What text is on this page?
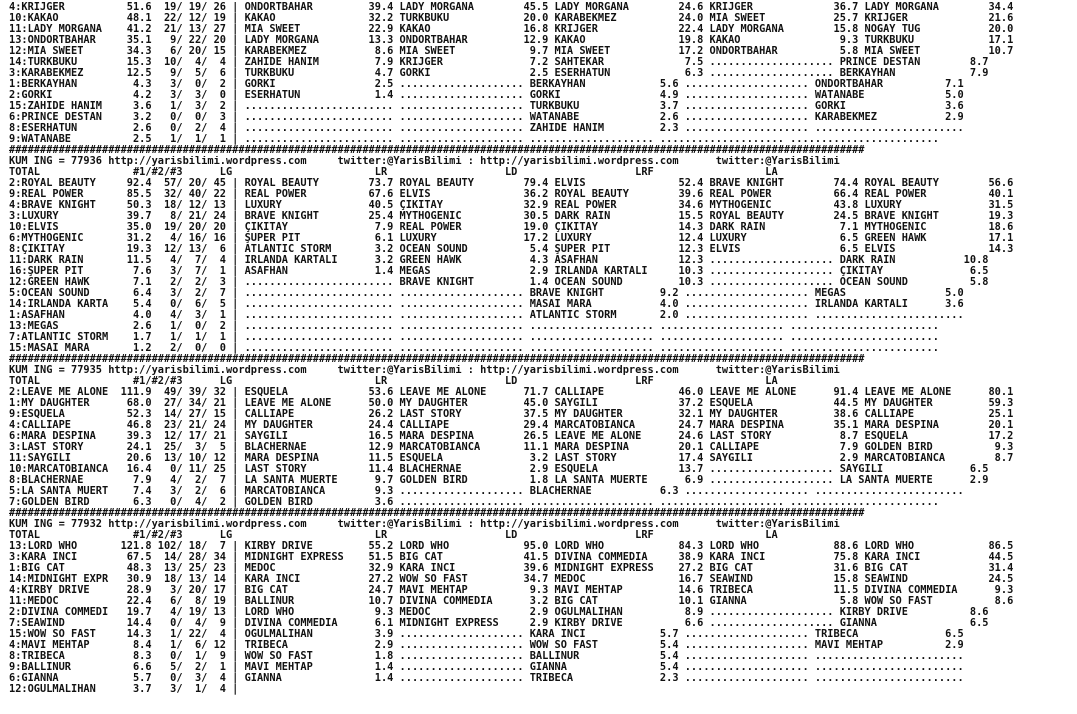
4:KRIJGER          51.6  19/ 19/ 26 | ONDÖRTBAHAR         39.4 LADY MORGANA        45.5 LADY MORGANA        24.6 KRIJGER             36.7 LADY MORGANA        34.4
10:KAKAO           48.1  22/ 12/ 19 | KAKAO               32.2 TÜRKBÜKÜ            20.0 KARABEKMEZ          24.0 MIA SWEET           25.7 KRIJGER             21.6
11:LADY MORGANA    41.2  21/ 13/ 27 | MIA SWEET           22.9 KAKAO               16.8 KRIJGER             22.4 LADY MORGANA        15.8 NOGAY TUĞ           20.0
13:ONDÖRTBAHAR     35.1   9/ 22/ 20 | LADY MORGANA        13.3 ONDÖRTBAHAR         12.9 KAKAO               19.8 KAKAO                9.3 TÜRKBÜKÜ            17.1
12:MIA SWEET       34.3   6/ 20/ 15 | KARABEKMEZ           8.6 MIA SWEET            9.7 MIA SWEET           17.2 ONDÖRTBAHAR          5.8 MIA SWEET           10.7
14:TÜRKBÜKÜ        15.3  10/  4/  4 | ZAHIDE HANIM         7.9 KRIJGER              7.2 SAHTEKAR             7.5 .................... PRINCE DESTAN        8.7
3:KARABEKMEZ       12.5   9/  5/  6 | TÜRKBÜKÜ             4.7 GÖRKİ                2.5 ESERHATUN            6.3 .................... BERKAYHAN            7.9
1:BERKAYHAN         4.3   3/  0/  2 | GÖRKİ                2.5 .................... BERKAYHAN            5.6 .................... ONDÖRTBAHAR          7.1
2:GÖRKİ             4.2   3/  3/  0 | ESERHATUN            1.4 .................... GÖRKİ                4.9 .................... WATANABE             5.0
15:ZAHIDE HANIM     3.6   1/  3/  2 | ........................ .................... TÜRKBÜKÜ             3.7 .................... GÖRKİ                3.6
6:PRINCE DESTAN     3.2   0/  0/  3 | ........................ .................... WATANABE             2.6 .................... KARABEKMEZ           2.9
8:ESERHATUN         2.6   0/  2/  4 | ........................ .................... ZAHIDE HANIM         2.3 .................... ........................
9:WATANABE          2.5   1/  1/  1 | ........................ .................... .................... .................... ........................
##########################################################################################################################################
KUM ING = 77936 http://yarisbilimi.wordpress.com     twitter:@YarisBilimi : http://yarisbilimi.wordpress.com      twitter:@YarisBilimi
TOTAL               #1/#2/#3      LG                       LR                   LD                   LRF                  LA
2:ROYAL BEAUTY     92.4  57/ 20/ 45 | ROYAL BEAUTY        73.7 ROYAL BEAUTY        79.4 ELVIS               52.4 BRAVE KNIGHT        74.4 ROYAL BEAUTY        56.6
9:REAL POWER       85.5  32/ 40/ 22 | REAL POWER          67.6 ELVIS               36.2 ROYAL BEAUTY        39.6 REAL POWER          66.4 REAL POWER          40.1
4:BRAVE KNIGHT     50.3  18/ 12/ 13 | LUXURY              40.5 ÇİKİTAY             32.9 REAL POWER          34.6 MYTHOGENIC          43.8 LUXURY              31.5
3:LUXURY           39.7   8/ 21/ 24 | BRAVE KNIGHT        25.4 MYTHOGENIC          30.5 DARK RAIN           15.5 ROYAL BEAUTY        24.5 BRAVE KNIGHT        19.3
10:ELVIS           35.0  19/ 20/ 20 | ÇİKİTAY              7.9 REAL POWER          19.0 ÇİKİTAY             14.3 DARK RAIN            7.1 MYTHOGENIC          18.6
6:MYTHOGENIC       31.2   4/ 16/ 16 | ŞUPER PIT            6.1 LUXURY              17.2 LUXURY              12.4 LUXURY               6.5 GREEN HAWK          17.1
8:ÇİKİTAY          19.3  12/ 13/  6 | ATLANTIC STORM       3.2 OCEAN SOUND          5.4 ŞUPER PIT           12.3 ELVIS                6.5 ELVIS               14.3
11:DARK RAIN       11.5   4/  7/  4 | İRLANDA KARTALI      3.2 GREEN HAWK           4.3 ASAFHAN             12.3 .................... DARK RAIN           10.8
16:ŞUPER PIT        7.6   3/  7/  1 | ASAFHAN              1.4 MEGAS                2.9 İRLANDA KARTALI     10.3 .................... ÇİKİTAY              6.5
12:GREEN HAWK       7.1   2/  2/  3 | ........................ BRAVE KNIGHT         1.4 OCEAN SOUND         10.3 .................... OCEAN SOUND          5.8
5:OCEAN SOUND       6.4   3/  2/  7 | ........................ .................... BRAVE KNIGHT         9.2 .................... MEGAS                5.0
14:İRLANDA KARTA    5.4   0/  6/  5 | ........................ .................... MASAI MARA           4.0 .................... İRLANDA KARTALI      3.6
1:ASAFHAN           4.0   4/  3/  1 | ........................ .................... ATLANTIC STORM       2.0 .................... ........................
13:MEGAS            2.6   1/  0/  2 | ........................ .................... .................... .................... ........................
7:ATLANTIC STORM    1.7   1/  1/  1 | ........................ .................... .................... .................... ........................
15:MASAI MARA       1.2   2/  0/  0 | ........................ .................... .................... .................... ........................
##########################################################################################################################################
KUM ING = 77935 http://yarisbilimi.wordpress.com     twitter:@YarisBilimi : http://yarisbilimi.wordpress.com      twitter:@YarisBilimi
TOTAL               #1/#2/#3      LG                       LR                   LD                   LRF                  LA
2:LEAVE ME ALONE  111.9  49/ 39/ 32 | ESQUELA             53.6 LEAVE ME ALONE      71.7 CALLIAPE            46.0 LEAVE ME ALONE      91.4 LEAVE ME ALONE      80.1
1:MY DAUGHTER      68.0  27/ 34/ 21 | LEAVE ME ALONE      50.0 MY DAUGHTER         45.0 SAYGILI             37.2 ESQUELA             44.5 MY DAUGHTER         59.3
9:ESQUELA          52.3  14/ 27/ 15 | CALLIAPE            26.2 LAST STORY          37.5 MY DAUGHTER         32.1 MY DAUGHTER         38.6 CALLIAPE            25.1
4:CALLIAPE         46.8  23/ 21/ 24 | MY DAUGHTER         24.4 CALLIAPE            29.4 MARCATOBIANCA       24.7 MARA DESPINA        35.1 MARA DESPINA        20.1
6:MARA DESPINA     39.3  12/ 17/ 21 | SAYGILI             16.5 MARA DESPINA        26.5 LEAVE ME ALONE      24.6 LAST STORY           8.7 ESQUELA             17.2
3:LAST STORY       24.1  25/  3/  5 | BLACHERNAE          12.9 MARCATOBIANCA       11.1 MARA DESPINA        20.1 CALLIAPE             7.9 GOLDEN BIRD          9.3
11:SAYGILI         20.6  13/ 10/ 12 | MARA DESPINA        11.5 ESQUELA              3.2 LAST STORY          17.4 SAYGILI              2.9 MARCATOBIANCA        8.7
10:MARCATOBIANCA   16.4   0/ 11/ 25 | LAST STORY          11.4 BLACHERNAE           2.9 ESQUELA             13.7 .................... SAYGILI              6.5
8:BLACHERNAE        7.9   4/  2/  7 | LA SANTA MUERTE      9.7 GOLDEN BIRD          1.8 LA SANTA MUERTE      6.9 .................... LA SANTA MUERTE      2.9
5:LA SANTA MUERT    7.4   3/  2/  6 | MARCATOBIANCA        9.3 .................... BLACHERNAE           6.3 .................... ........................
7:GOLDEN BIRD       6.3   0/  4/  2 | GOLDEN BIRD          3.6 .................... .................... .................... ........................
##########################################################################################################################################
KUM ING = 77932 http://yarisbilimi.wordpress.com     twitter:@YarisBilimi : http://yarisbilimi.wordpress.com      twitter:@YarisBilimi
TOTAL               #1/#2/#3      LG                       LR                   LD                   LRF                  LA
13:LORD WHO       121.8 102/ 18/  7 | KIRBY DRIVE         55.2 LORD WHO            95.0 LORD WHO            84.3 LORD WHO            88.6 LORD WHO            86.5
3:KARA İNCİ        67.5  14/ 28/ 34 | MIDNIGHT EXPRESS    51.5 BIG CAT             41.5 DIVINA COMMEDIA     38.9 KARA İNCİ           75.8 KARA İNCİ           44.5
1:BIG CAT          48.3  13/ 25/ 23 | MEDOC               32.9 KARA İNCİ           39.6 MIDNIGHT EXPRESS    27.2 BIG CAT             31.6 BIG CAT             31.4
14:MIDNIGHT EXPR   30.9  18/ 13/ 14 | KARA İNCİ           27.2 WOW SO FAST         34.7 MEDOC               16.7 SEAWIND             15.8 SEAWIND             24.5
4:KIRBY DRIVE      28.9   3/ 20/ 17 | BIG CAT             24.7 MAVİ MEHTAP          9.3 MAVİ MEHTAP         14.6 TRIBECA             11.5 DIVINA COMMEDIA      9.3
11:MEDOC           22.4   6/  8/ 19 | BALLINUR            10.7 DIVINA COMMEDIA      3.2 BIG CAT             10.1 GIANNA               5.8 WOW SO FAST          8.6
2:DIVINA COMMEDI   19.7   4/ 19/ 13 | LORD WHO             9.3 MEDOC                2.9 OĞULMALİHAN          8.9 .................... KIRBY DRIVE          8.6
7:SEAWIND          14.4   0/  4/  9 | DIVINA COMMEDIA      6.1 MIDNIGHT EXPRESS     2.9 KIRBY DRIVE          6.6 .................... GIANNA               6.5
15:WOW SO FAST     14.3   1/ 22/  4 | OĞULMALİHAN          3.9 .................... KARA İNCİ            5.7 .................... TRIBECA              6.5
4:MAVİ MEHTAP       8.4   1/  6/ 12 | TRIBECA              2.9 .................... WOW SO FAST          5.4 .................... MAVİ MEHTAP          2.9
8:TRIBECA           8.3   0/  1/  9 | WOW SO FAST          1.8 .................... BALLINUR             5.4 .................... ........................
9:BALLINUR          6.6   5/  2/  1 | MAVİ MEHTAP          1.4 .................... GIANNA               5.4 .................... ........................
6:GIANNA            5.7   0/  3/  4 | GIANNA               1.4 .................... TRIBECA              2.3 .................... ........................
12:OĞULMALİHAN      3.7   3/  1/  4 |
